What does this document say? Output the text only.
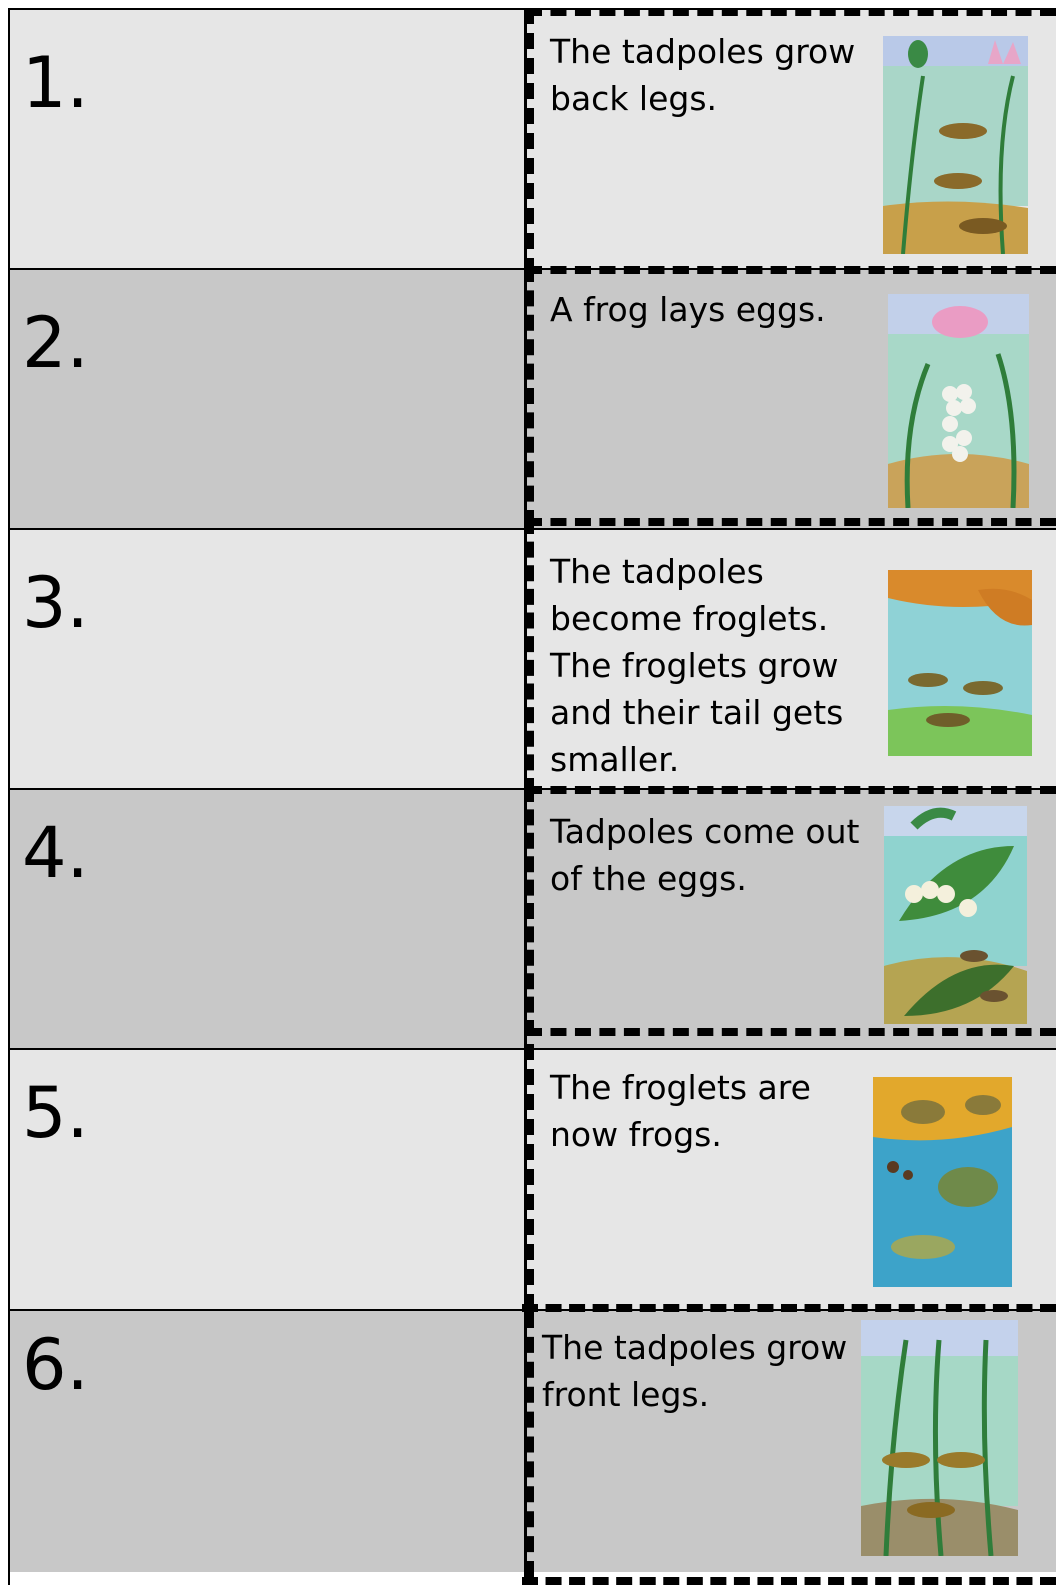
1.
2.
3.
4.
5.
6.
The tadpoles grow back legs.
A frog lays eggs.
The tadpoles become froglets. The froglets grow and their tail gets smaller.
Tadpoles come out of the eggs.
The froglets are now frogs.
The tadpoles grow front legs.
